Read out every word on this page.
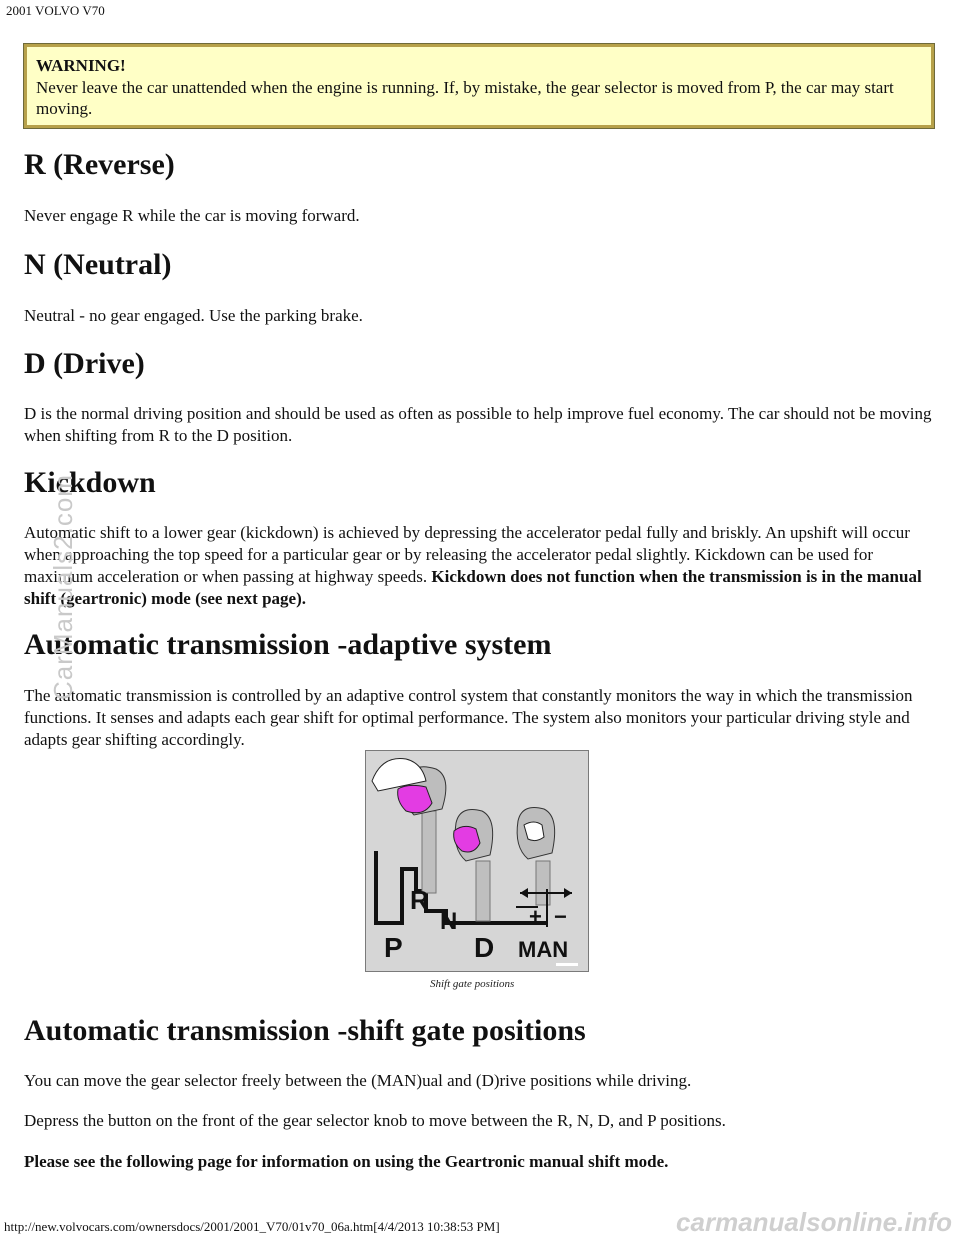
2001 VOLVO V70
WARNING!
Never leave the car unattended when the engine is running. If, by mistake, the gear selector is moved from P, the car may start moving.
R (Reverse)

Never engage R while the car is moving forward.

N (Neutral)

Neutral - no gear engaged. Use the parking brake.

D (Drive)

D is the normal driving position and should be used as often as possible to help improve fuel economy. The car should not be moving when shifting from R to the D position.

Kickdown

Automatic shift to a lower gear (kickdown) is achieved by depressing the accelerator pedal fully and briskly. An upshift will occur when approaching the top speed for a particular gear or by releasing the accelerator pedal slightly. Kickdown can be used for maximum acceleration or when passing at highway speeds. Kickdown does not function when the transmission is in the manual shift (geartronic) mode (see next page).

Automatic transmission -adaptive system

The automatic transmission is controlled by an adaptive control system that constantly monitors the way in which the transmission functions. It senses and adapts each gear shift for optimal performance. The system also monitors your particular driving style and adapts gear shifting accordingly.

P
R
N
D MAN
+ −
Shift gate positions
Automatic transmission -shift gate positions

You can move the gear selector freely between the (MAN)ual and (D)rive positions while driving.

Depress the button on the front of the gear selector knob to move between the R, N, D, and P positions.

Please see the following page for information on using the Geartronic manual shift mode.

CarManuals2.com
carmanualsonline.info
http://new.volvocars.com/ownersdocs/2001/2001_V70/01v70_06a.htm[4/4/2013 10:38:53 PM]
